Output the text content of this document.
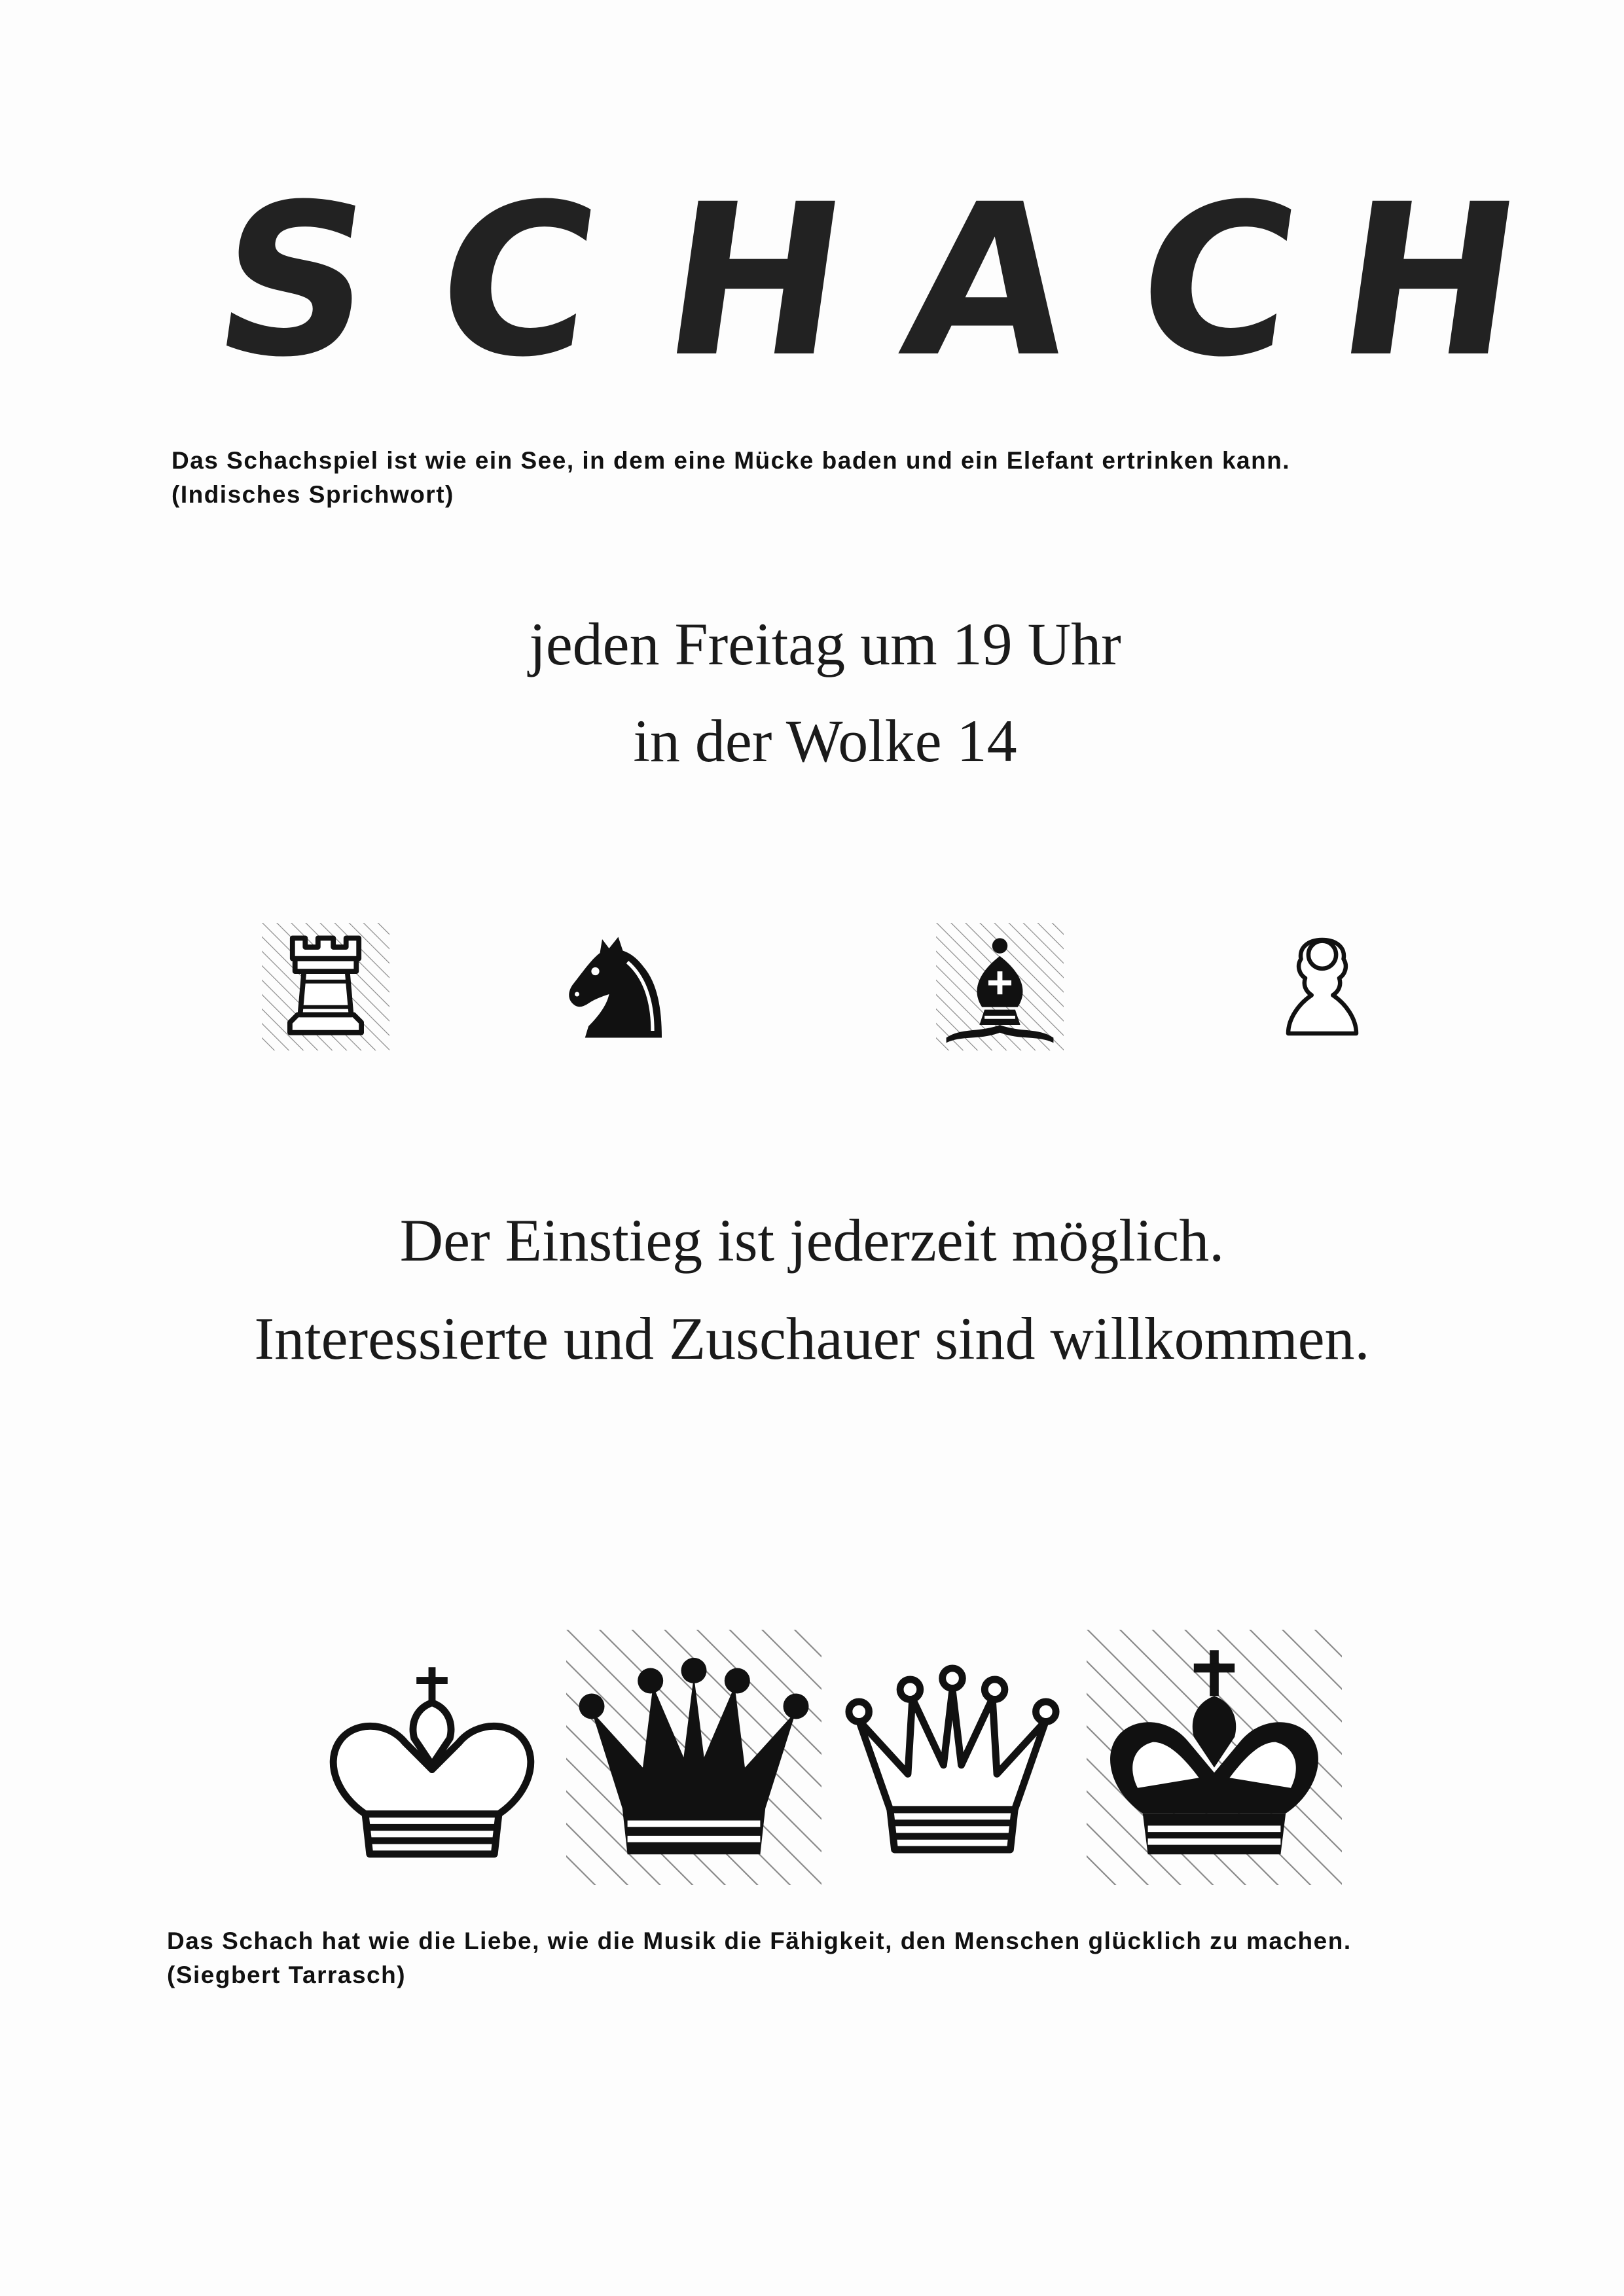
S C H A C H
Das Schachspiel ist wie ein See, in dem eine Mücke baden und ein Elefant ertrinken kann.
(Indisches Sprichwort)
jeden Freitag um 19 Uhr
in der Wolke 14
Der Einstieg ist jederzeit möglich.
Interessierte und Zuschauer sind willkommen.
Das Schach hat wie die Liebe, wie die Musik die Fähigkeit, den Menschen glücklich zu machen.
(Siegbert Tarrasch)
